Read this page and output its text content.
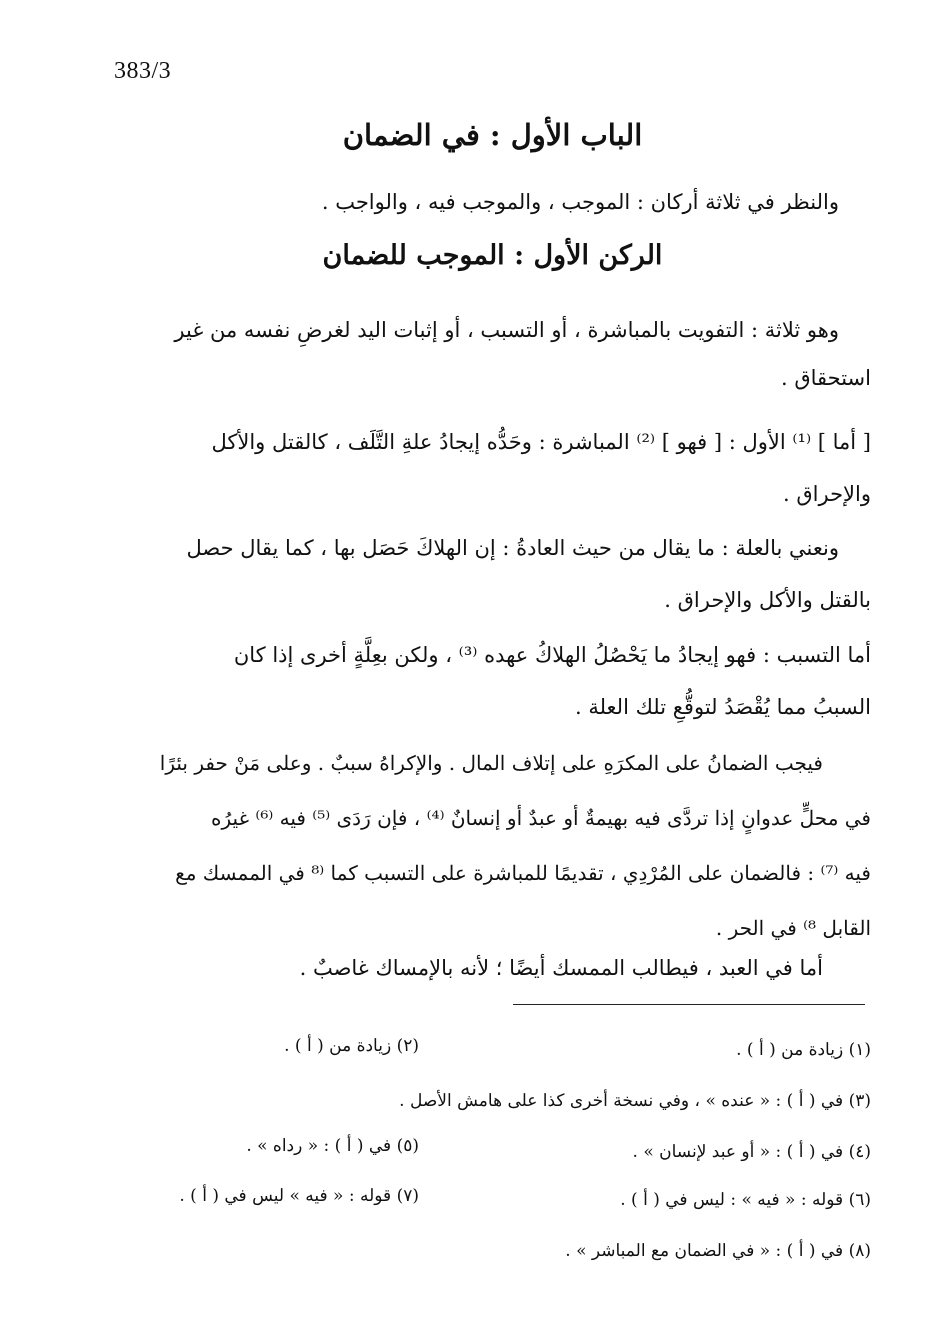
383/3
الباب الأول : في الضمان
والنظر في ثلاثة أركان : الموجب ، والموجب فيه ، والواجب .
الركن الأول : الموجب للضمان
وهو ثلاثة : التفويت بالمباشرة ، أو التسبب ، أو إثبات اليد لغرضِ نفسه من غير
استحقاق .
[ أما ] ⁽¹⁾ الأول : [ فهو ] ⁽²⁾ المباشرة : وحَدُّه إيجادُ علةِ التَّلَف ، كالقتل والأكل
والإحراق .
ونعني بالعلة : ما يقال من حيث العادةُ : إن الهلاكَ حَصَل بها ، كما يقال حصل
بالقتل والأكل والإحراق .
أما التسبب : فهو إيجادُ ما يَحْصُلُ الهلاكُ عهده ⁽³⁾ ، ولكن بعِلَّةٍ أخرى إذا كان
السببُ مما يُقْصَدُ لتوقُّعِ تلك العلة .
فيجب الضمانُ على المكرَهِ على إتلاف المال . والإكراهُ سببٌ . وعلى مَنْ حفر بئرًا
في محلٍّ عدوانٍ إذا تردَّى فيه بهيمةٌ أو عبدٌ أو إنسانٌ ⁽⁴⁾ ، فإن رَدَى ⁽⁵⁾ فيه ⁽⁶⁾ غيرُه
فيه ⁽⁷⁾ : فالضمان على المُرْدِي ، تقديمًا للمباشرة على التسبب كما ⁽⁸ في الممسك مع
القابل ⁸⁾ في الحر .
أما في العبد ، فيطالب الممسك أيضًا ؛ لأنه بالإمساك غاصبٌ .
(١) زيادة من ( أ ) .
(٢) زيادة من ( أ ) .
(٣) في ( أ ) : « عنده » ، وفي نسخة أخرى كذا على هامش الأصل .
(٤) في ( أ ) : « أو عبد لإنسان » .
(٥) في ( أ ) : « رداه » .
(٦) قوله : « فيه » : ليس في ( أ ) .
(٧) قوله : « فيه » ليس في ( أ ) .
(٨) في ( أ ) : « في الضمان مع المباشر » .
